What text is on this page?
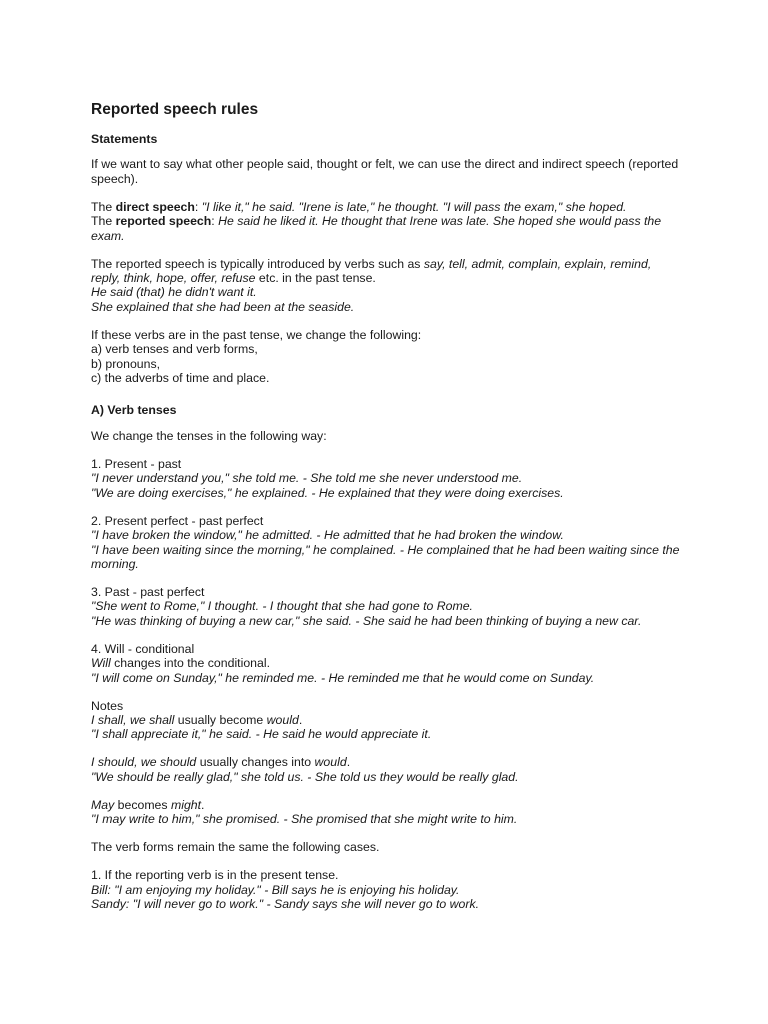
Reported speech rules
Statements

If we want to say what other people said, thought or felt, we can use the direct and indirect speech (reported speech).

The direct speech: "I like it," he said. "Irene is late," he thought. "I will pass the exam," she hoped.
The reported speech: He said he liked it. He thought that Irene was late. She hoped she would pass the exam.

The reported speech is typically introduced by verbs such as say, tell, admit, complain, explain, remind, reply, think, hope, offer, refuse etc. in the past tense.
He said (that) he didn't want it.
She explained that she had been at the seaside.

If these verbs are in the past tense, we change the following:
a) verb tenses and verb forms,
b) pronouns,
c) the adverbs of time and place.

A) Verb tenses

We change the tenses in the following way:

1. Present - past
"I never understand you," she told me. - She told me she never understood me.
"We are doing exercises," he explained. - He explained that they were doing exercises.

2. Present perfect - past perfect
"I have broken the window," he admitted. - He admitted that he had broken the window.
"I have been waiting since the morning," he complained. - He complained that he had been waiting since the morning.

3. Past - past perfect
"She went to Rome," I thought. - I thought that she had gone to Rome.
"He was thinking of buying a new car," she said. - She said he had been thinking of buying a new car.

4. Will - conditional
Will changes into the conditional.
"I will come on Sunday," he reminded me. - He reminded me that he would come on Sunday.

Notes
I shall, we shall usually become would.
"I shall appreciate it," he said. - He said he would appreciate it.

I should, we should usually changes into would.
"We should be really glad," she told us. - She told us they would be really glad.

May becomes might.
"I may write to him," she promised. - She promised that she might write to him.

The verb forms remain the same the following cases.

1. If the reporting verb is in the present tense.
Bill: "I am enjoying my holiday." - Bill says he is enjoying his holiday.
Sandy: "I will never go to work." - Sandy says she will never go to work.
